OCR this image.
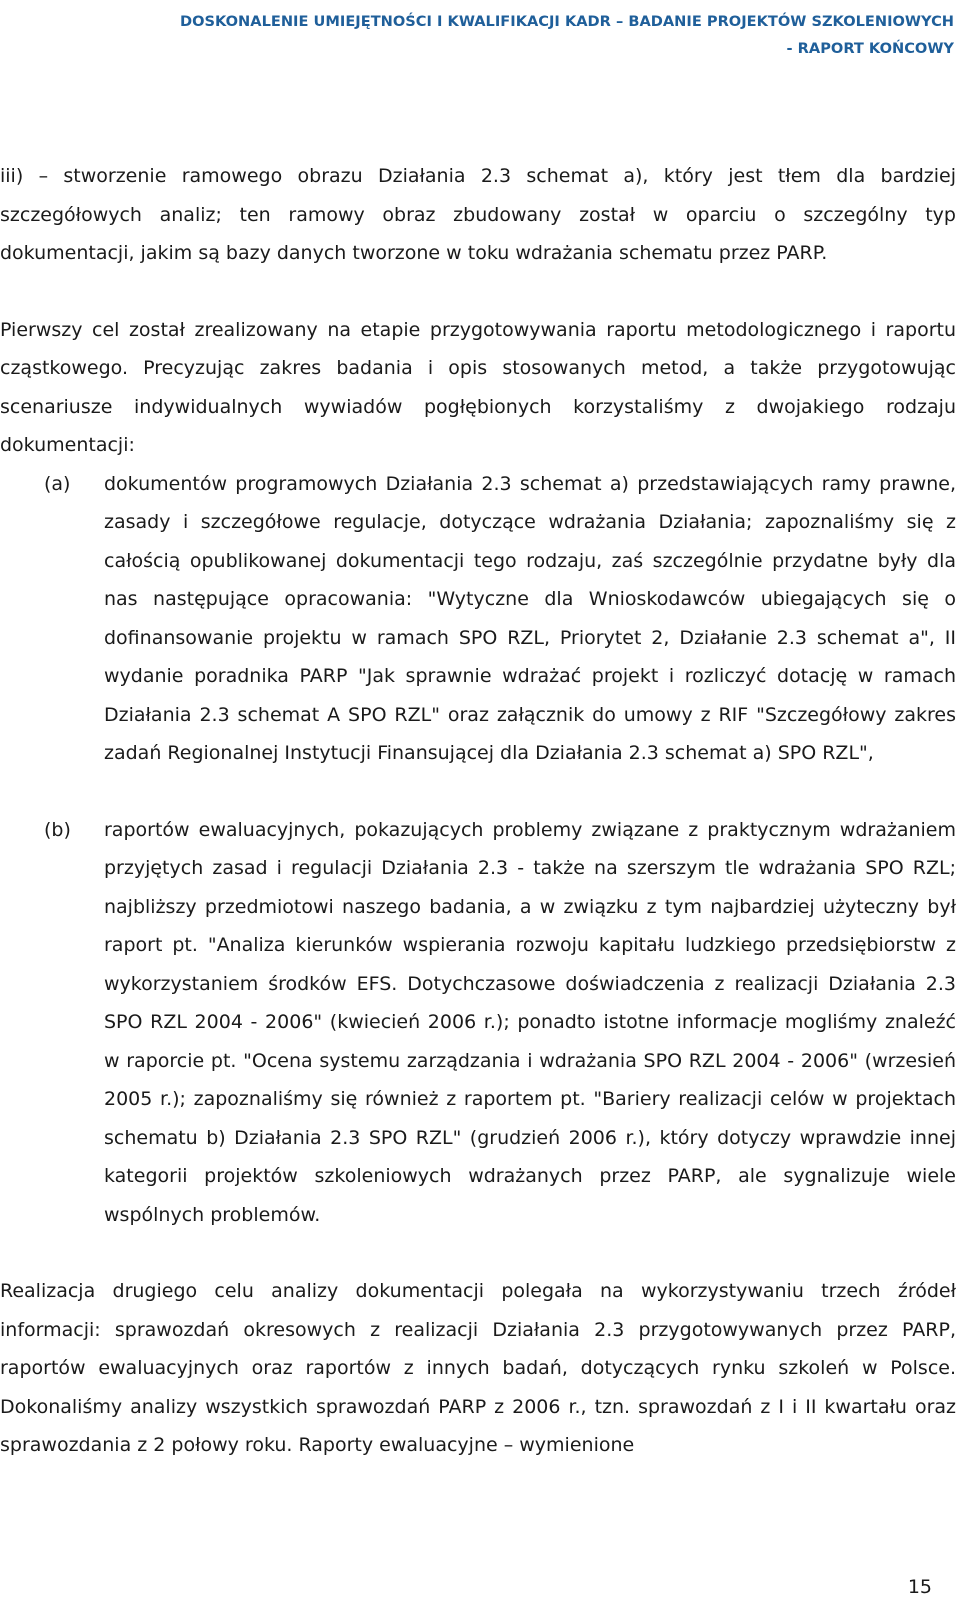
DOSKONALENIE UMIEJĘTNOŚCI I KWALIFIKACJI KADR – BADANIE PROJEKTÓW SZKOLENIOWYCH
- RAPORT KOŃCOWY

iii) – stworzenie ramowego obrazu Działania 2.3 schemat a), który jest tłem dla bardziej szczegółowych analiz; ten ramowy obraz zbudowany został w oparciu o szczególny typ dokumentacji, jakim są bazy danych tworzone w toku wdrażania schematu przez PARP.

Pierwszy cel został zrealizowany na etapie przygotowywania raportu metodologicznego i raportu cząstkowego. Precyzując zakres badania i opis stosowanych metod, a także przygotowując scenariusze indywidualnych wywiadów pogłębionych korzystaliśmy z dwojakiego rodzaju dokumentacji:

(a)	dokumentów programowych Działania 2.3 schemat a) przedstawiających ramy prawne, zasady i szczegółowe regulacje, dotyczące wdrażania Działania; zapoznaliśmy się z całością opublikowanej dokumentacji tego rodzaju, zaś szczególnie przydatne były dla nas następujące opracowania: "Wytyczne dla Wnioskodawców ubiegających się o dofinansowanie projektu w ramach SPO RZL, Priorytet 2, Działanie 2.3 schemat a", II wydanie poradnika PARP "Jak sprawnie wdrażać projekt i rozliczyć dotację w ramach Działania 2.3 schemat A SPO RZL" oraz załącznik do umowy z RIF "Szczegółowy zakres zadań Regionalnej Instytucji Finansującej dla Działania 2.3 schemat a) SPO RZL",
(b)	raportów ewaluacyjnych, pokazujących problemy związane z praktycznym wdrażaniem przyjętych zasad i regulacji Działania 2.3 - także na szerszym tle wdrażania SPO RZL; najbliższy przedmiotowi naszego badania, a w związku z tym najbardziej użyteczny był raport pt. "Analiza kierunków wspierania rozwoju kapitału ludzkiego przedsiębiorstw z wykorzystaniem środków EFS. Dotychczasowe doświadczenia z realizacji Działania 2.3 SPO RZL 2004 - 2006" (kwiecień 2006 r.); ponadto istotne informacje mogliśmy znaleźć w raporcie pt. "Ocena systemu zarządzania i wdrażania SPO RZL 2004 - 2006" (wrzesień 2005 r.); zapoznaliśmy się również z raportem pt. "Bariery realizacji celów w projektach schematu b) Działania 2.3 SPO RZL" (grudzień 2006 r.), który dotyczy wprawdzie innej kategorii projektów szkoleniowych wdrażanych przez PARP, ale sygnalizuje wiele wspólnych problemów.

Realizacja drugiego celu analizy dokumentacji polegała na wykorzystywaniu trzech źródeł informacji: sprawozdań okresowych z realizacji Działania 2.3 przygotowywanych przez PARP, raportów ewaluacyjnych oraz raportów z innych badań, dotyczących rynku szkoleń w Polsce. Dokonaliśmy analizy wszystkich sprawozdań PARP z 2006 r., tzn. sprawozdań z I i II kwartału oraz sprawozdania z 2 połowy roku. Raporty ewaluacyjne – wymienione

15
